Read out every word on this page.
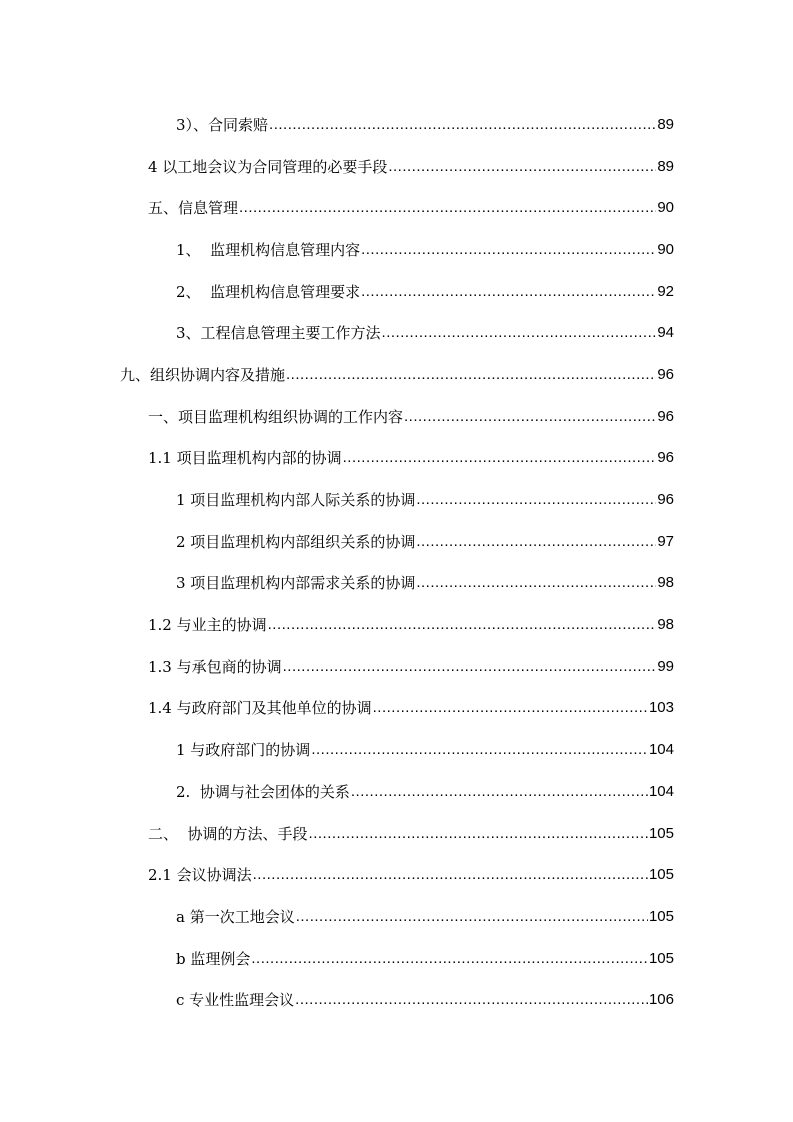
3）、合同索赔 .....	89
4 以工地会议为合同管理的必要手段 .....	89
五、信息管理 .....	90
1、  监理机构信息管理内容 .....	90
2、  监理机构信息管理要求 .....	92
3、工程信息管理主要工作方法 .....	94
九、组织协调内容及措施 .....	96
一、项目监理机构组织协调的工作内容 .....	96
1.1 项目监理机构内部的协调 .....	96
1 项目监理机构内部人际关系的协调 .....	96
2 项目监理机构内部组织关系的协调 .....	97
3 项目监理机构内部需求关系的协调 .....	98
1.2 与业主的协调 .....	98
1.3 与承包商的协调 .....	99
1.4 与政府部门及其他单位的协调 .....	103
1 与政府部门的协调 .....	104
2.  协调与社会团体的关系 .....	104
二、  协调的方法、手段 .....	105
2.1 会议协调法 .....	105
a 第一次工地会议 .....	105
b 监理例会 .....	105
c 专业性监理会议 .....	106
